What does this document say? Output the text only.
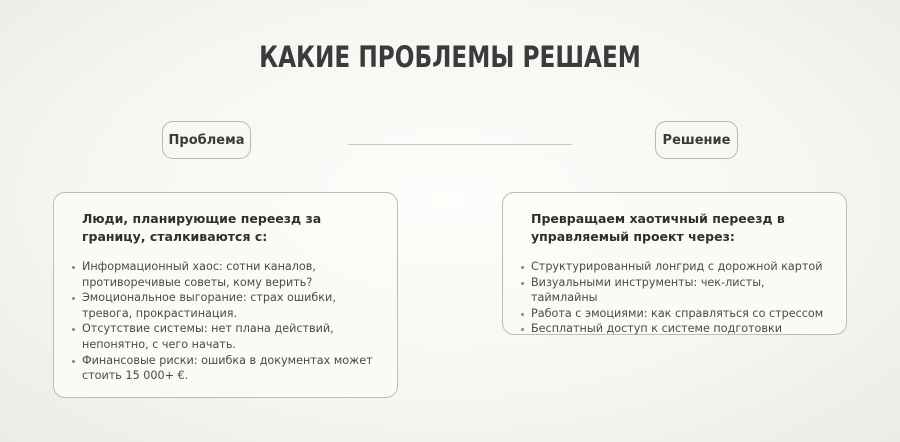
КАКИЕ ПРОБЛЕМЫ РЕШАЕМ
Проблема	Решение
Люди, планирующие переезд за границу, сталкиваются с:
Информационный хаос: сотни каналов, противоречивые советы, кому верить?
Эмоциональное выгорание: страх ошибки, тревога, прокрастинация.
Отсутствие системы: нет плана действий, непонятно, с чего начать.
Финансовые риски: ошибка в документах может стоить 15 000+ €.
Превращаем хаотичный переезд в управляемый проект через:
Структурированный лонгрид с дорожной картой
Визуальными инструменты: чек-листы, таймлайны
Работа с эмоциями: как справляться со стрессом
Бесплатный доступ к системе подготовки
